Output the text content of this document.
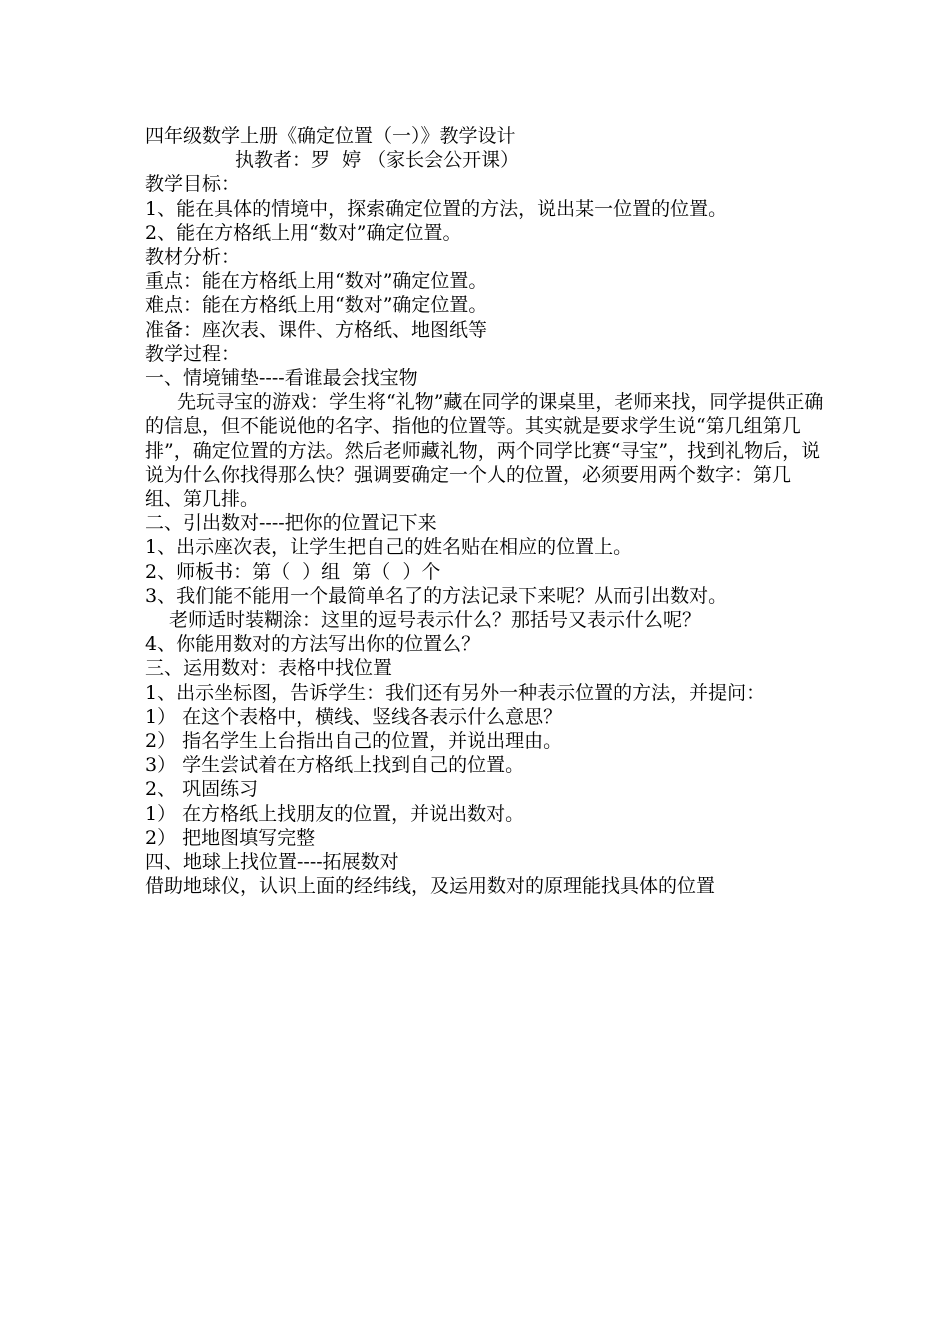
四年级数学上册《确定位置（一）》教学设计

执教者：罗  婷 （家长会公开课）

教学目标：

1、能在具体的情境中，探索确定位置的方法，说出某一位置的位置。

2、能在方格纸上用“数对”确定位置。

教材分析：

重点：能在方格纸上用“数对”确定位置。

难点：能在方格纸上用“数对”确定位置。

准备：座次表、课件、方格纸、地图纸等

教学过程：

一、情境铺垫----看谁最会找宝物

先玩寻宝的游戏：学生将“礼物”藏在同学的课桌里，老师来找，同学提供正确的信息，但不能说他的名字、指他的位置等。其实就是要求学生说“第几组第几排”，确定位置的方法。然后老师藏礼物，两个同学比赛“寻宝”，找到礼物后，说说为什么你找得那么快？强调要确定一个人的位置，必须要用两个数字：第几组、第几排。

二、引出数对----把你的位置记下来

1、出示座次表，让学生把自己的姓名贴在相应的位置上。

2、师板书：第（  ）组  第（  ）个

3、我们能不能用一个最简单名了的方法记录下来呢？从而引出数对。

老师适时装糊涂：这里的逗号表示什么？那括号又表示什么呢？

4、你能用数对的方法写出你的位置么？

三、运用数对：表格中找位置

1、出示坐标图，告诉学生：我们还有另外一种表示位置的方法，并提问：

1） 在这个表格中，横线、竖线各表示什么意思？

2） 指名学生上台指出自己的位置，并说出理由。

3） 学生尝试着在方格纸上找到自己的位置。

2、 巩固练习

1） 在方格纸上找朋友的位置，并说出数对。

2） 把地图填写完整

四、地球上找位置----拓展数对

借助地球仪，认识上面的经纬线，及运用数对的原理能找具体的位置
